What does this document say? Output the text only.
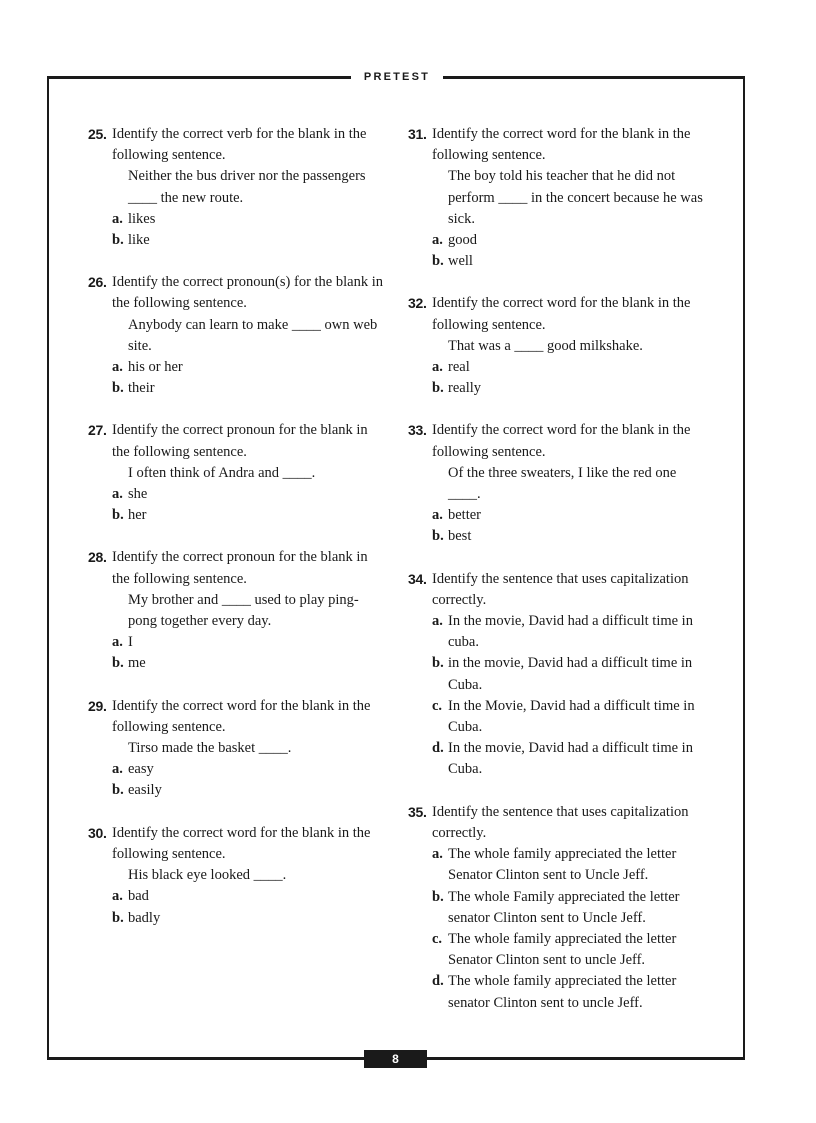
PRETEST
8
25. Identify the correct verb for the blank in the following sentence.
Neither the bus driver nor the passengers ____ the new route.
a. likes
b. like
26. Identify the correct pronoun(s) for the blank in the following sentence.
Anybody can learn to make ____ own web site.
a. his or her
b. their
27. Identify the correct pronoun for the blank in the following sentence.
I often think of Andra and ____.
a. she
b. her
28. Identify the correct pronoun for the blank in the following sentence.
My brother and ____ used to play ping-pong together every day.
a. I
b. me
29. Identify the correct word for the blank in the following sentence.
Tirso made the basket ____.
a. easy
b. easily
30. Identify the correct word for the blank in the following sentence.
His black eye looked ____.
a. bad
b. badly
31. Identify the correct word for the blank in the following sentence.
The boy told his teacher that he did not perform ____ in the concert because he was sick.
a. good
b. well
32. Identify the correct word for the blank in the following sentence.
That was a ____ good milkshake.
a. real
b. really
33. Identify the correct word for the blank in the following sentence.
Of the three sweaters, I like the red one ____.
a. better
b. best
34. Identify the sentence that uses capitalization correctly.
a. In the movie, David had a difficult time in cuba.
b. in the movie, David had a difficult time in Cuba.
c. In the Movie, David had a difficult time in Cuba.
d. In the movie, David had a difficult time in Cuba.
35. Identify the sentence that uses capitalization correctly.
a. The whole family appreciated the letter Senator Clinton sent to Uncle Jeff.
b. The whole Family appreciated the letter senator Clinton sent to Uncle Jeff.
c. The whole family appreciated the letter Senator Clinton sent to uncle Jeff.
d. The whole family appreciated the letter senator Clinton sent to uncle Jeff.
